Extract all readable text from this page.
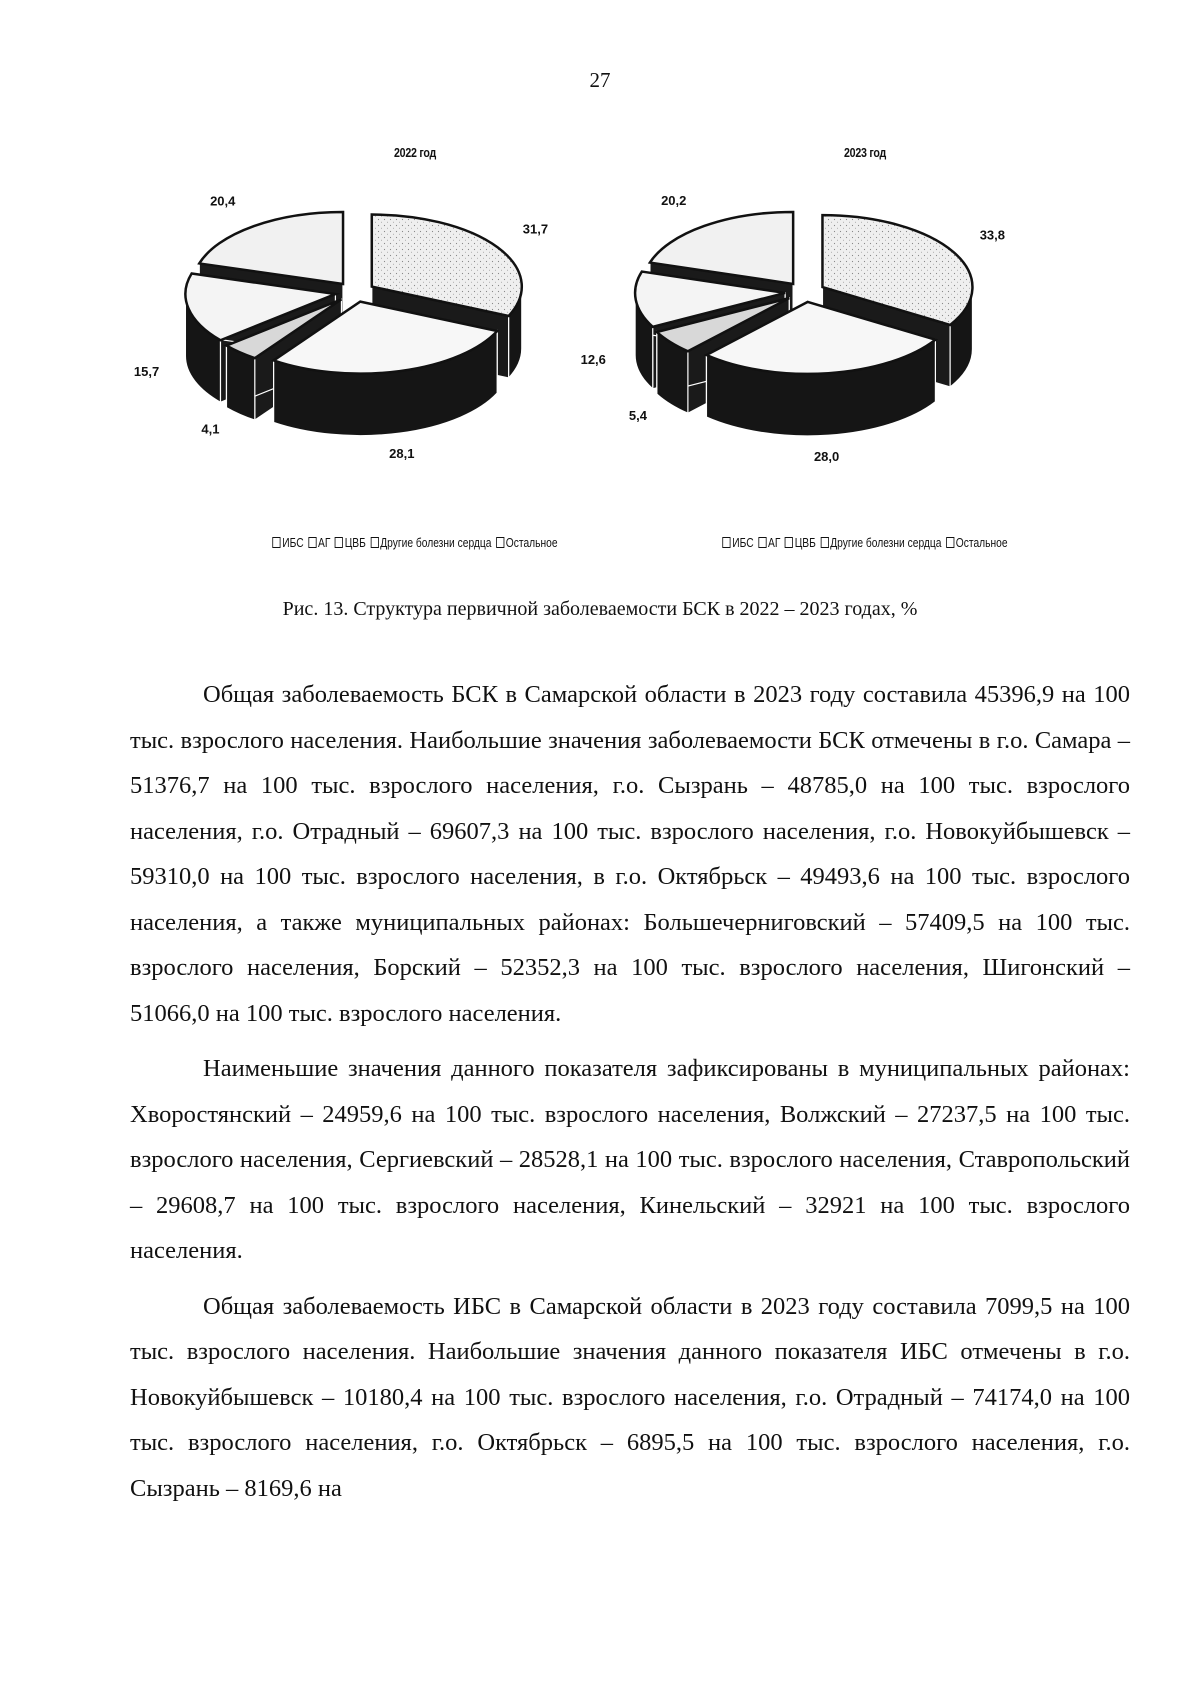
27
2022 год
31,7
28,1
4,1
15,7
20,4
ИБС АГ ЦВБ Другие болезни сердца Остальное
2023 год
33,8
28,0
5,4
12,6
20,2
ИБС АГ ЦВБ Другие болезни сердца Остальное
Рис. 13. Структура первичной заболеваемости БСК в 2022 – 2023 годах, %

Общая заболеваемость БСК в Самарской области в 2023 году составила 45396,9 на 100 тыс. взрослого населения. Наибольшие значения заболеваемости БСК отмечены в г.о. Самара – 51376,7 на 100 тыс. взрослого населения, г.о. Сызрань – 48785,0 на 100 тыс. взрослого населения, г.о. Отрадный – 69607,3 на 100 тыс. взрослого населения, г.о. Новокуйбышевск – 59310,0 на 100 тыс. взрослого населения, в г.о. Октябрьск – 49493,6 на 100 тыс. взрослого населения, а также муниципальных районах: Большечерниговский – 57409,5 на 100 тыс. взрослого населения, Борский – 52352,3 на 100 тыс. взрослого населения, Шигонский – 51066,0 на 100 тыс. взрослого населения.

Наименьшие значения данного показателя зафиксированы в муниципальных районах: Хворостянский – 24959,6 на 100 тыс. взрослого населения, Волжский – 27237,5 на 100 тыс. взрослого населения, Сергиевский – 28528,1 на 100 тыс. взрослого населения, Ставропольский – 29608,7 на 100 тыс. взрослого населения, Кинельский – 32921 на 100 тыс. взрослого населения.

Общая заболеваемость ИБС в Самарской области в 2023 году составила 7099,5 на 100 тыс. взрослого населения. Наибольшие значения данного показателя ИБС отмечены в г.о. Новокуйбышевск – 10180,4 на 100 тыс. взрослого населения, г.о. Отрадный – 74174,0 на 100 тыс. взрослого населения, г.о. Октябрьск – 6895,5 на 100 тыс. взрослого населения, г.о. Сызрань – 8169,6 на
